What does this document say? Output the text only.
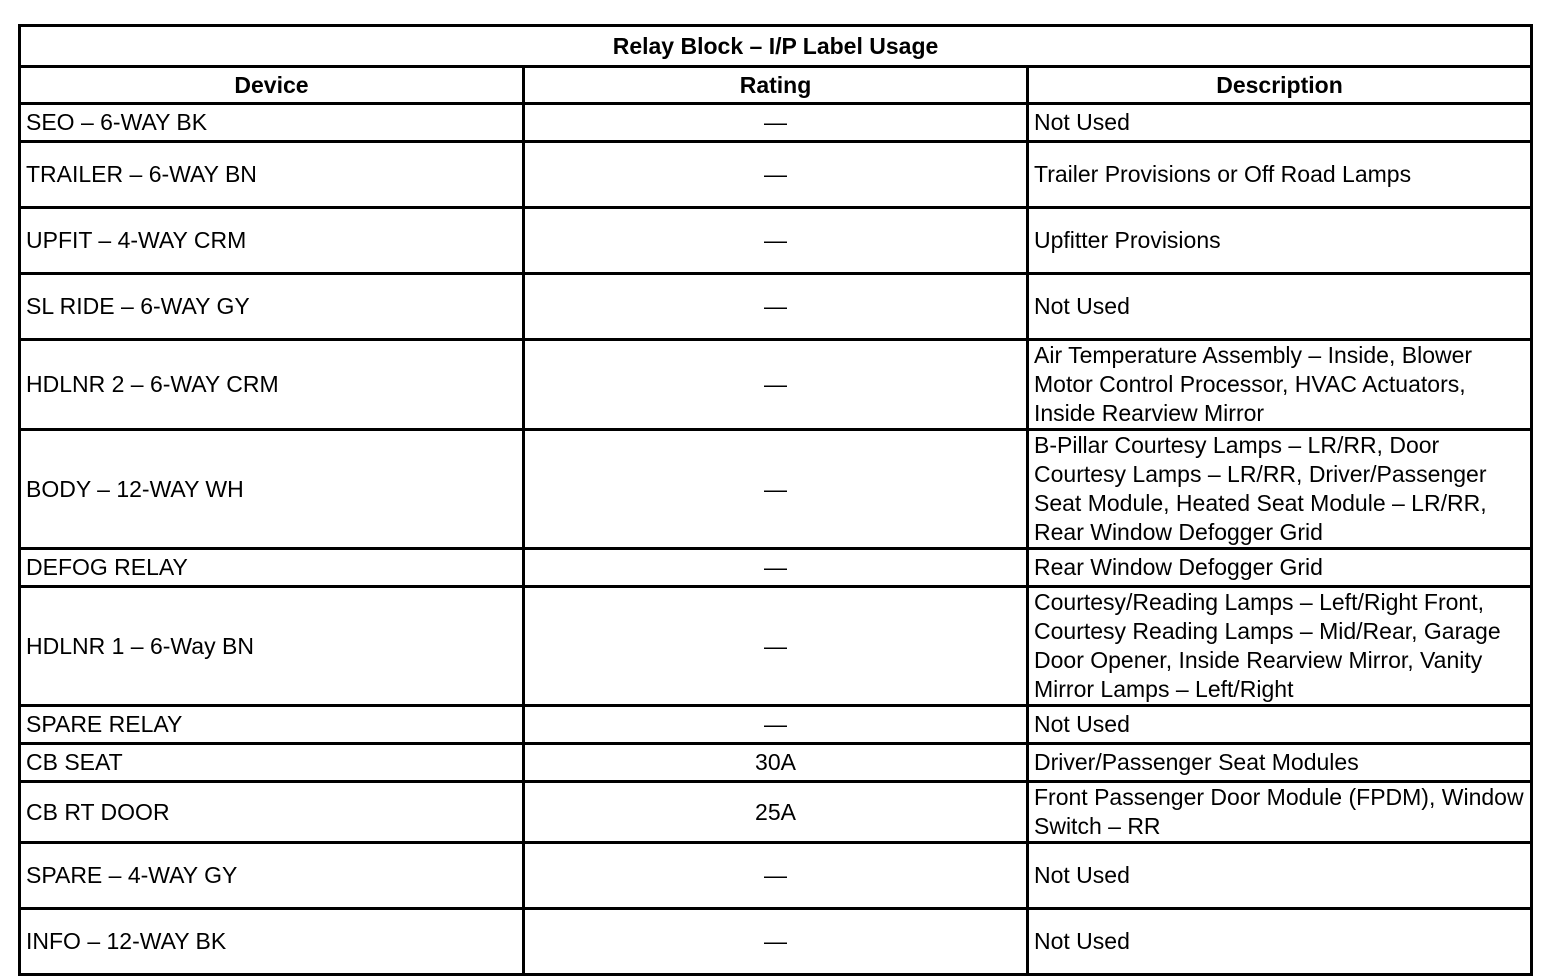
Relay Block – I/P Label Usage		
Device	Rating	Description
SEO – 6-WAY BK	—	Not Used
TRAILER – 6-WAY BN	—	Trailer Provisions or Off Road Lamps
UPFIT – 4-WAY CRM	—	Upfitter Provisions
SL RIDE – 6-WAY GY	—	Not Used
HDLNR 2 – 6-WAY CRM	—	Air Temperature Assembly – Inside, Blower Motor Control Processor, HVAC Actuators, Inside Rearview Mirror
BODY – 12-WAY WH	—	B-Pillar Courtesy Lamps – LR/RR, Door Courtesy Lamps – LR/RR, Driver/Passenger Seat Module, Heated Seat Module – LR/RR, Rear Window Defogger Grid
DEFOG RELAY	—	Rear Window Defogger Grid
HDLNR 1 – 6-Way BN	—	Courtesy/Reading Lamps – Left/Right Front, Courtesy Reading Lamps – Mid/Rear, Garage Door Opener, Inside Rearview Mirror, Vanity Mirror Lamps – Left/Right
SPARE RELAY	—	Not Used
CB SEAT	30A	Driver/Passenger Seat Modules
CB RT DOOR	25A	Front Passenger Door Module (FPDM), Window Switch – RR
SPARE – 4-WAY GY	—	Not Used
INFO – 12-WAY BK	—	Not Used
